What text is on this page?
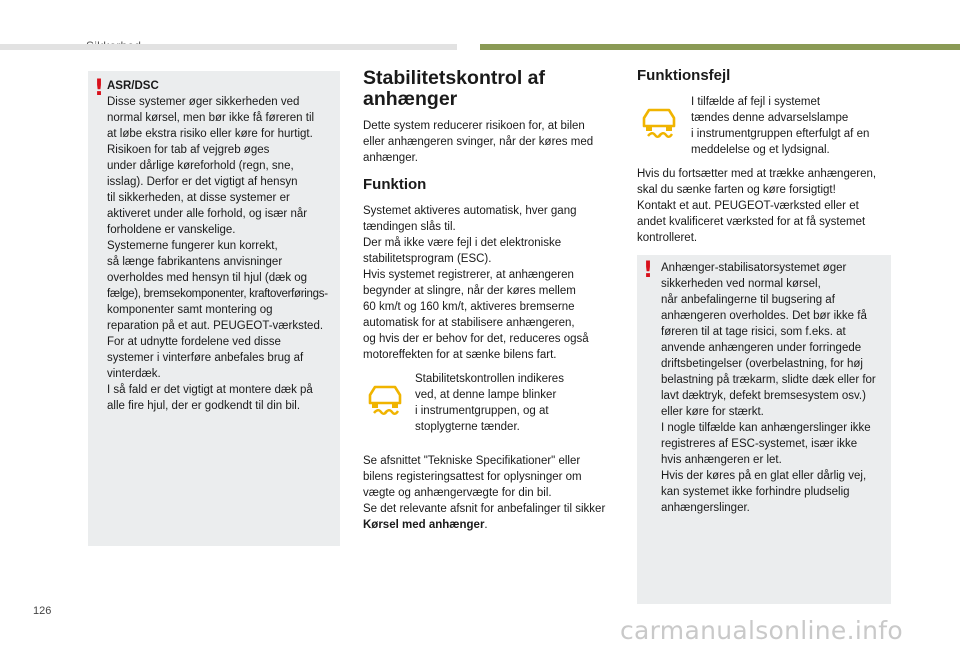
! ASR/DSC

Disse systemer øger sikkerheden ved

normal kørsel, men bør ikke få føreren til

at løbe ekstra risiko eller køre for hurtigt.

Risikoen for tab af vejgreb øges

under dårlige køreforhold (regn, sne,

isslag). Derfor er det vigtigt af hensyn

til sikkerheden, at disse systemer er

aktiveret under alle forhold, og især når

forholdene er vanskelige.

Systemerne fungerer kun korrekt,

så længe fabrikantens anvisninger

overholdes med hensyn til hjul (dæk og

fælge), bremsekomponenter, kraftoverførings-

komponenter samt montering og

reparation på et aut. PEUGEOT-værksted.

For at udnytte fordelene ved disse

systemer i vinterføre anbefales brug af

vinterdæk.

I så fald er det vigtigt at montere dæk på

alle fire hjul, der er godkendt til din bil.

Stabilitetskontrol af
anhænger

Dette system reducerer risikoen for, at bilen

eller anhængeren svinger, når der køres med

anhænger.

Funktion

Systemet aktiveres automatisk, hver gang

tændingen slås til.

Der må ikke være fejl i det elektroniske

stabilitetsprogram (ESC).

Hvis systemet registrerer, at anhængeren

begynder at slingre, når der køres mellem

60 km/t og 160 km/t, aktiveres bremserne

automatisk for at stabilisere anhængeren,

og hvis der er behov for det, reduceres også

motoreffekten for at sænke bilens fart.

Stabilitetskontrollen indikeres

ved, at denne lampe blinker

i instrumentgruppen, og at

stoplygterne tænder.

Se afsnittet "Tekniske Specifikationer" eller

bilens registeringsattest for oplysninger om

vægte og anhængervægte for din bil.

Se det relevante afsnit for anbefalinger til sikker

Kørsel med anhænger.

Funktionsfejl

I tilfælde af fejl i systemet

tændes denne advarselslampe

i instrumentgruppen efterfulgt af en

meddelelse og et lydsignal.

Hvis du fortsætter med at trække anhængeren,

skal du sænke farten og køre forsigtigt!

Kontakt et aut. PEUGEOT-værksted eller et

andet kvalificeret værksted for at få systemet

kontrolleret.

! Anhænger-stabilisatorsystemet øger

sikkerheden ved normal kørsel,

når anbefalingerne til bugsering af

anhængeren overholdes. Det bør ikke få

føreren til at tage risici, som f.eks. at

anvende anhængeren under forringede

driftsbetingelser (overbelastning, for høj

belastning på trækarm, slidte dæk eller for

lavt dæktryk, defekt bremsesystem osv.)

eller køre for stærkt.

I nogle tilfælde kan anhængerslinger ikke

registreres af ESC-systemet, især ikke

hvis anhængeren er let.

Hvis der køres på en glat eller dårlig vej,

kan systemet ikke forhindre pludselig

anhængerslinger.

126
carmanualsonline.info
